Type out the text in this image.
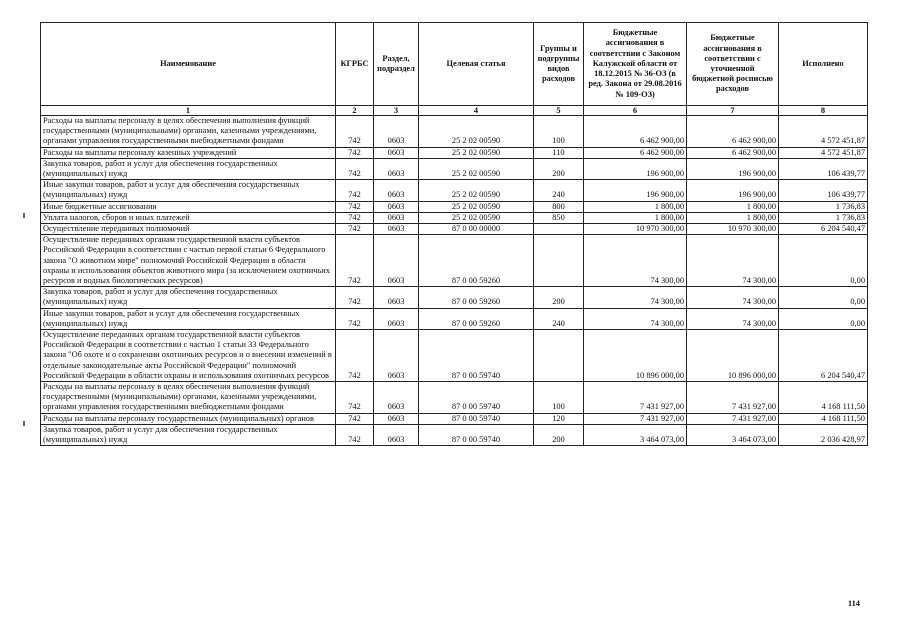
Наименование	КГРБС	Раздел, подраздел	Целевая статья	Группы и подгруппы видов расходов	Бюджетные ассигнования в соответствии с Законом Калужской области от 18.12.2015 № 36-ОЗ (в ред. Закона от 29.08.2016 № 109-ОЗ)	Бюджетные ассигнования в соответствии с уточненной бюджетной росписью расходов	Исполнено
1	2	3	4	5	6	7	8
Расходы на выплаты персоналу в целях обеспечения выполнения функций государственными (муниципальными) органами, казенными учреждениями, органами управления государственными внебюджетными фондами	742	0603	25 2 02 00590	100	6 462 900,00	6 462 900,00	4 572 451,87
Расходы на выплаты персоналу казенных учреждений	742	0603	25 2 02 00590	110	6 462 900,00	6 462 900,00	4 572 451,87
Закупка товаров, работ и услуг для обеспечения государственных (муниципальных) нужд	742	0603	25 2 02 00590	200	196 900,00	196 900,00	106 439,77
Иные закупки товаров, работ и услуг для обеспечения государственных (муниципальных) нужд	742	0603	25 2 02 00590	240	196 900,00	196 900,00	106 439,77
Иные бюджетные ассигнования	742	0603	25 2 02 00590	800	1 800,00	1 800,00	1 736,83
Уплата налогов, сборов и иных платежей	742	0603	25 2 02 00590	850	1 800,00	1 800,00	1 736,83
Осуществление переданных полномочий	742	0603	87 0 00 00000		10 970 300,00	10 970 300,00	6 204 540,47
Осуществление переданных органам государственной власти субъектов Российской Федерации в соответствии с частью первой статьи 6 Федерального закона "О животном мире" полномочий Российской Федерации в области охраны и использования объектов животного мира (за исключением охотничьих ресурсов и водных биологических ресурсов)	742	0603	87 0 00 59260		74 300,00	74 300,00	0,00
Закупка товаров, работ и услуг для обеспечения государственных (муниципальных) нужд	742	0603	87 0 00 59260	200	74 300,00	74 300,00	0,00
Иные закупки товаров, работ и услуг для обеспечения государственных (муниципальных) нужд	742	0603	87 0 00 59260	240	74 300,00	74 300,00	0,00
Осуществление переданных органам государственной власти субъектов Российской Федерации в соответствии с частью 1 статьи 33 Федерального закона "Об охоте и о сохранении охотничьих ресурсов и о внесении изменений в отдельные законодательные акты Российской Федерации" полномочий Российской Федерации в области охраны и использования охотничьих ресурсов	742	0603	87 0 00 59740		10 896 000,00	10 896 000,00	6 204 540,47
Расходы на выплаты персоналу в целях обеспечения выполнения функций государственными (муниципальными) органами, казенными учреждениями, органами управления государственными внебюджетными фондами	742	0603	87 0 00 59740	100	7 431 927,00	7 431 927,00	4 168 111,50
Расходы на выплаты персоналу государственных (муниципальных) органов	742	0603	87 0 00 59740	120	7 431 927,00	7 431 927,00	4 168 111,50
Закупка товаров, работ и услуг для обеспечения государственных (муниципальных) нужд	742	0603	87 0 00 59740	200	3 464 073,00	3 464 073,00	2 036 428,97
114
